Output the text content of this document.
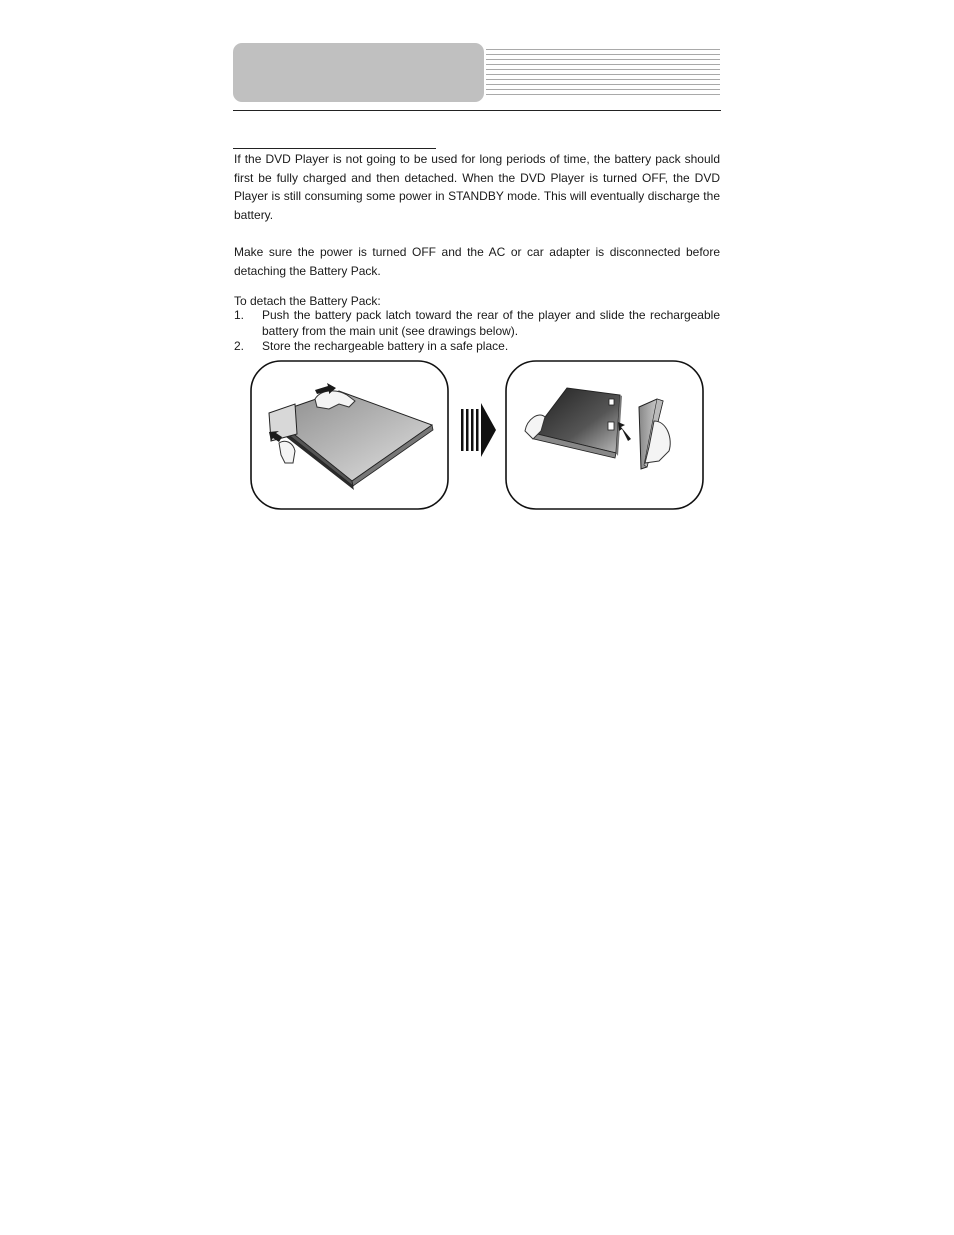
If the DVD Player is not going to be used for long periods of time, the battery pack should first be fully charged and then detached. When the DVD Player is turned OFF, the DVD Player is still consuming some power in STANDBY mode. This will eventually discharge the battery.

Make sure the power is turned OFF and the AC or car adapter is disconnected before detaching the Battery Pack.

To detach the Battery Pack:

1.	Push the battery pack latch toward the rear of the player and slide the rechargeable battery from the main unit (see drawings below).
2.	Store the rechargeable battery in a safe place.
